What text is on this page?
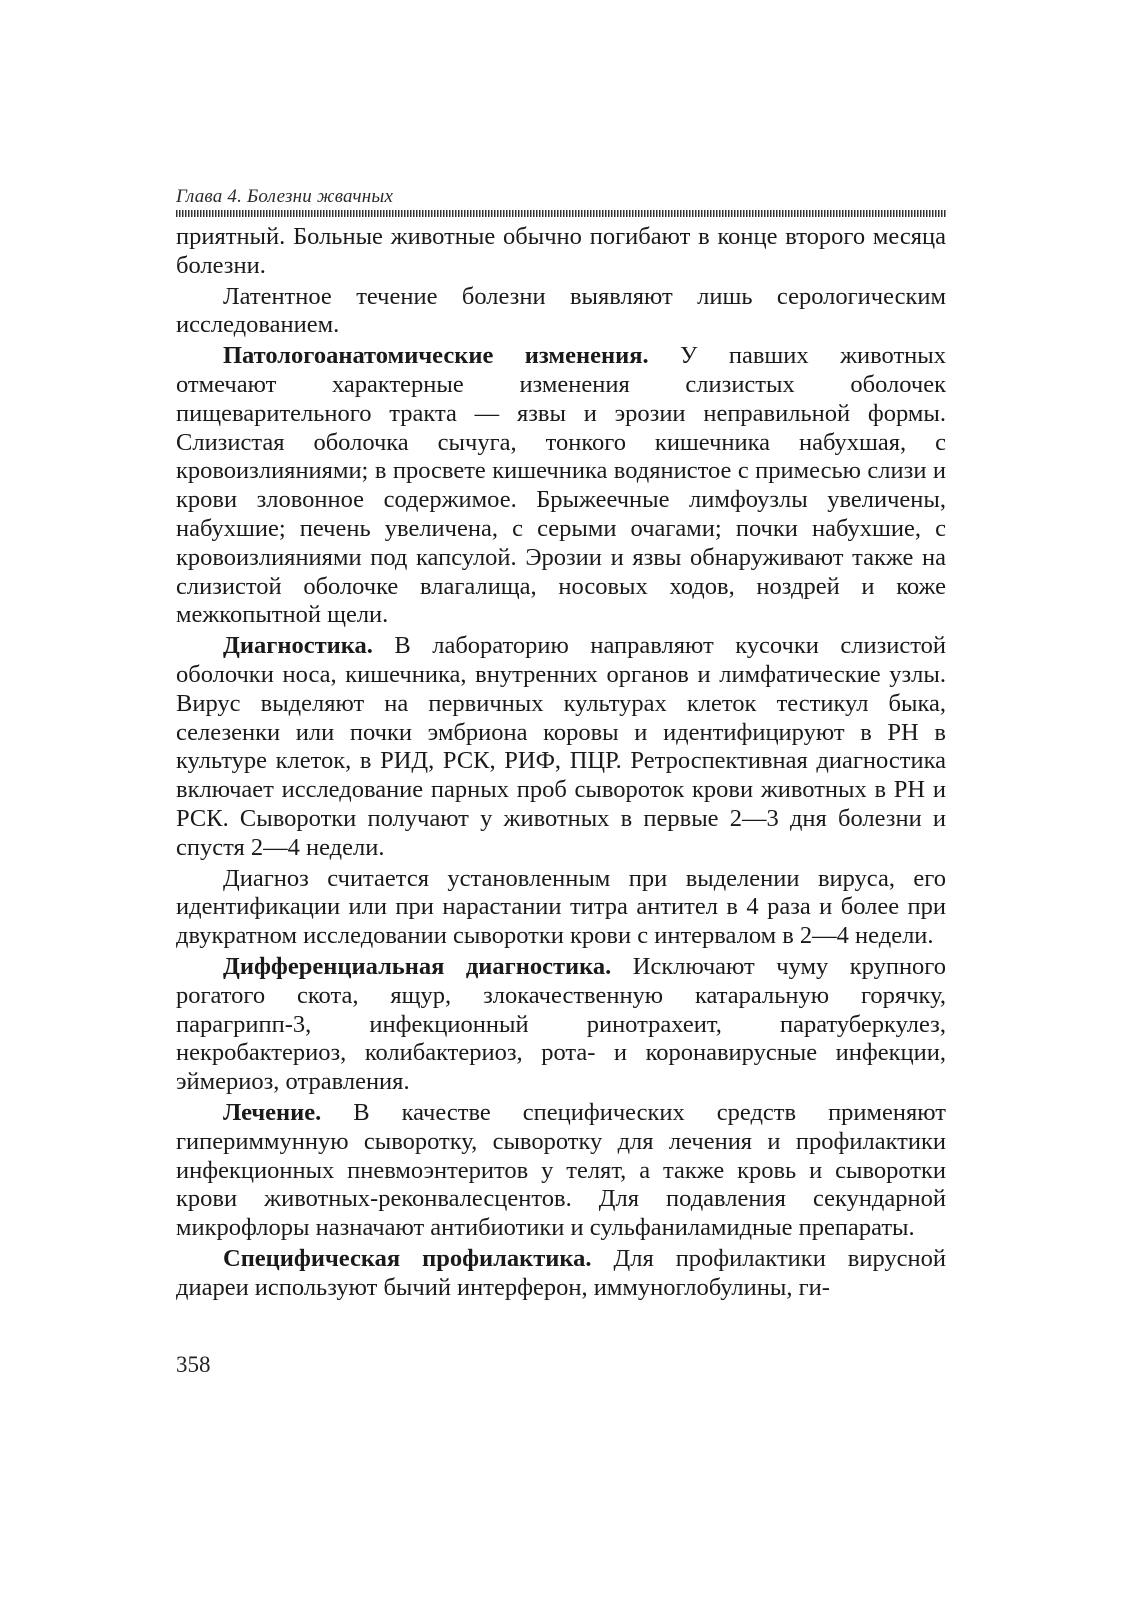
Глава 4. Болезни жвачных

приятный. Больные животные обычно погибают в конце второго месяца болезни.

Латентное течение болезни выявляют лишь серологическим исследованием.

Патологоанатомические изменения. У павших животных отмечают характерные изменения слизистых оболочек пищеварительного тракта — язвы и эрозии неправильной формы. Слизистая оболочка сычуга, тонкого кишечника набухшая, с кровоизлияниями; в просвете кишечника водянистое с примесью слизи и крови зловонное содержимое. Брыжеечные лимфоузлы увеличены, набухшие; печень увеличена, с серыми очагами; почки набухшие, с кровоизлияниями под капсулой. Эрозии и язвы обнаруживают также на слизистой оболочке влагалища, носовых ходов, ноздрей и коже межкопытной щели.

Диагностика. В лабораторию направляют кусочки слизистой оболочки носа, кишечника, внутренних органов и лимфатические узлы. Вирус выделяют на первичных культурах клеток тестикул быка, селезенки или почки эмбриона коровы и идентифицируют в РН в культуре клеток, в РИД, РСК, РИФ, ПЦР. Ретроспективная диагностика включает исследование парных проб сывороток крови животных в РН и РСК. Сыворотки получают у животных в первые 2—3 дня болезни и спустя 2—4 недели.

Диагноз считается установленным при выделении вируса, его идентификации или при нарастании титра антител в 4 раза и более при двукратном исследовании сыворотки крови с интервалом в 2—4 недели.

Дифференциальная диагностика. Исключают чуму крупного рогатого скота, ящур, злокачественную катаральную горячку, парагрипп-3, инфекционный ринотрахеит, паратуберкулез, некробактериоз, колибактериоз, рота- и коронавирусные инфекции, эймериоз, отравления.

Лечение. В качестве специфических средств применяют гипериммунную сыворотку, сыворотку для лечения и профилактики инфекционных пневмоэнтеритов у телят, а также кровь и сыворотки крови животных-реконвалесцентов. Для подавления секундарной микрофлоры назначают антибиотики и сульфаниламидные препараты.

Специфическая профилактика. Для профилактики вирусной диареи используют бычий интерферон, иммуноглобулины, ги-

358
